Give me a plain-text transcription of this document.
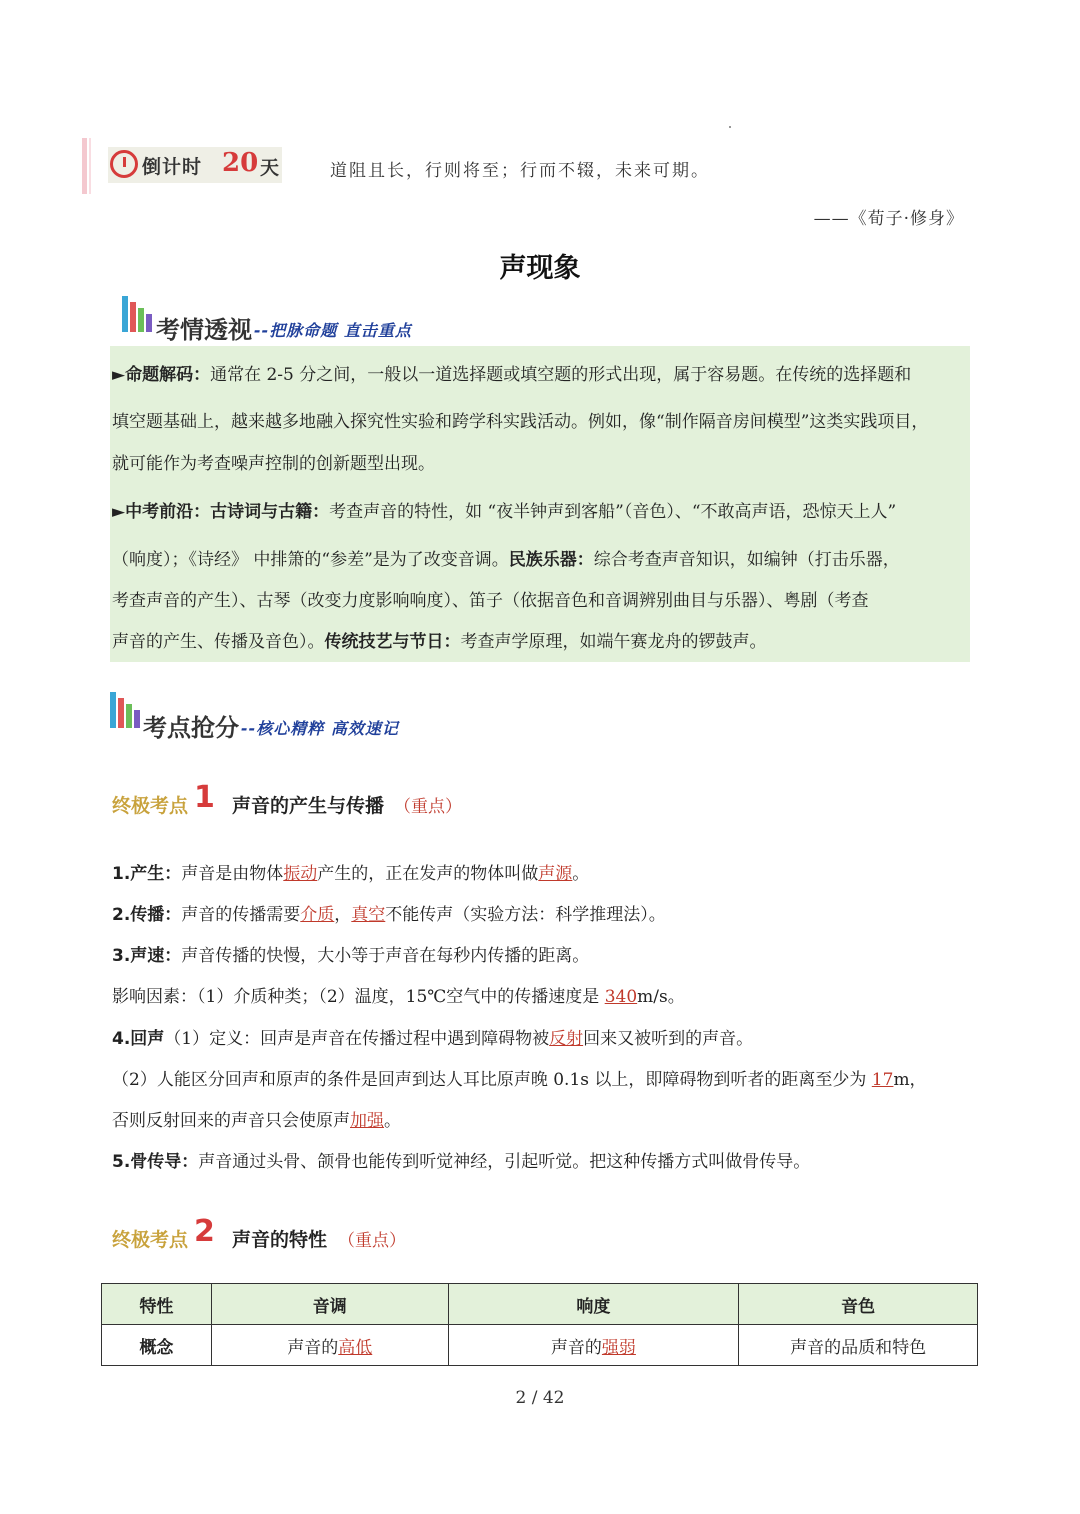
倒计时 20 天	道阻且长，行则将至；行而不辍，未来可期。
——《荀子·修身》
声现象
考情透视 --把脉命题 直击重点
►命题解码：通常在 2-5 分之间，一般以一道选择题或填空题的形式出现，属于容易题。在传统的选择题和
填空题基础上，越来越多地融入探究性实验和跨学科实践活动。例如，像“制作隔音房间模型”这类实践项目，
就可能作为考查噪声控制的创新题型出现。
►中考前沿：古诗词与古籍：考查声音的特性，如 “夜半钟声到客船”（音色）、“不敢高声语，恐惊天上人”
（响度）；《诗经》 中排箫的“参差”是为了改变音调。民族乐器：综合考查声音知识，如编钟（打击乐器，
考查声音的产生）、古琴（改变力度影响响度）、笛子（依据音色和音调辨别曲目与乐器）、粤剧（考查
声音的产生、传播及音色）。传统技艺与节日：考查声学原理，如端午赛龙舟的锣鼓声。
考点抢分 --核心精粹 高效速记
终极考点 1 声音的产生与传播 （重点）
1.产生：声音是由物体振动产生的，正在发声的物体叫做声源。
2.传播：声音的传播需要介质，真空不能传声（实验方法：科学推理法）。
3.声速：声音传播的快慢，大小等于声音在每秒内传播的距离。
影响因素：（1）介质种类；（2）温度，15℃空气中的传播速度是 340m/s。
4.回声（1）定义：回声是声音在传播过程中遇到障碍物被反射回来又被听到的声音。
（2）人能区分回声和原声的条件是回声到达人耳比原声晚 0.1s 以上，即障碍物到听者的距离至少为 17m，
否则反射回来的声音只会使原声加强。
5.骨传导：声音通过头骨、颌骨也能传到听觉神经，引起听觉。把这种传播方式叫做骨传导。
终极考点 2 声音的特性 （重点）
特性	音调	响度	音色
概念	声音的高低	声音的强弱	声音的品质和特色
2 / 42
